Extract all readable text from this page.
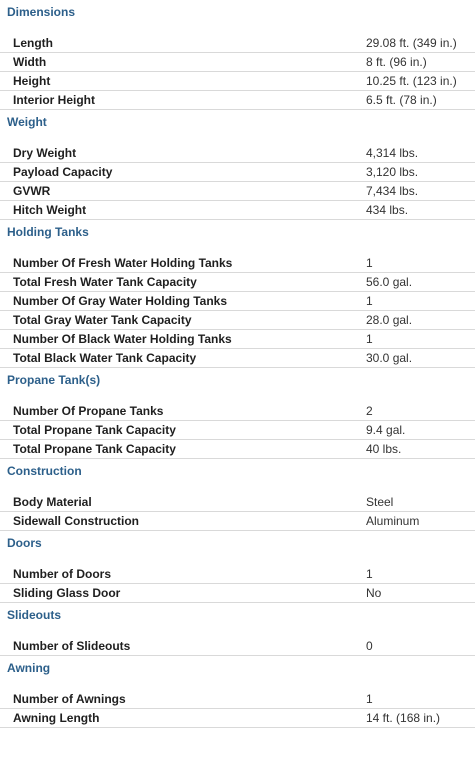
Dimensions
Length	29.08 ft. (349 in.)
Width	8 ft. (96 in.)
Height	10.25 ft. (123 in.)
Interior Height	6.5 ft. (78 in.)
Weight
Dry Weight	4,314 lbs.
Payload Capacity	3,120 lbs.
GVWR	7,434 lbs.
Hitch Weight	434 lbs.
Holding Tanks
Number Of Fresh Water Holding Tanks	1
Total Fresh Water Tank Capacity	56.0 gal.
Number Of Gray Water Holding Tanks	1
Total Gray Water Tank Capacity	28.0 gal.
Number Of Black Water Holding Tanks	1
Total Black Water Tank Capacity	30.0 gal.
Propane Tank(s)
Number Of Propane Tanks	2
Total Propane Tank Capacity	9.4 gal.
Total Propane Tank Capacity	40 lbs.
Construction
Body Material	Steel
Sidewall Construction	Aluminum
Doors
Number of Doors	1
Sliding Glass Door	No
Slideouts
Number of Slideouts	0
Awning
Number of Awnings	1
Awning Length	14 ft. (168 in.)
